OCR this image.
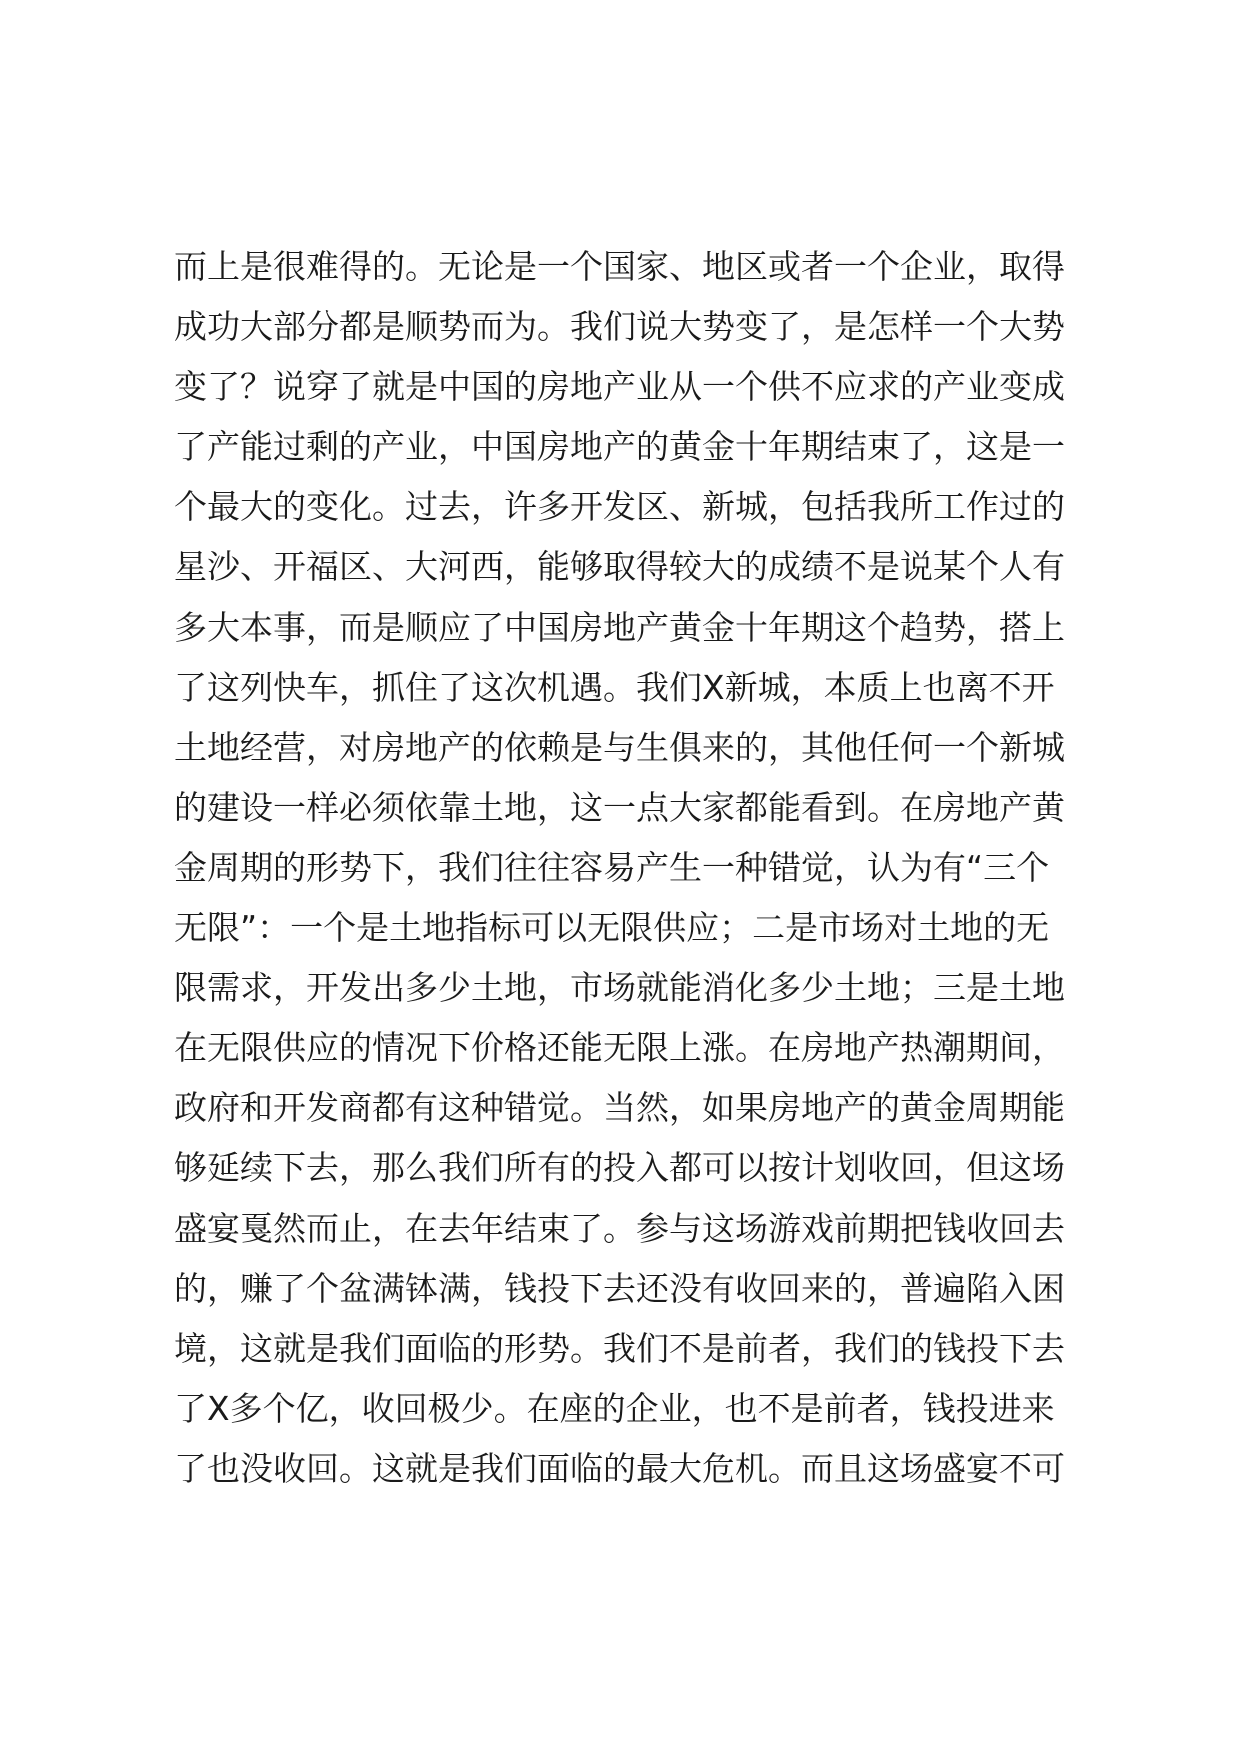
而上是很难得的。无论是一个国家、地区或者一个企业，取得
成功大部分都是顺势而为。我们说大势变了，是怎样一个大势
变了？说穿了就是中国的房地产业从一个供不应求的产业变成
了产能过剩的产业，中国房地产的黄金十年期结束了，这是一
个最大的变化。过去，许多开发区、新城，包括我所工作过的
星沙、开福区、大河西，能够取得较大的成绩不是说某个人有
多大本事，而是顺应了中国房地产黄金十年期这个趋势，搭上
了这列快车，抓住了这次机遇。我们X新城，本质上也离不开
土地经营，对房地产的依赖是与生俱来的，其他任何一个新城
的建设一样必须依靠土地，这一点大家都能看到。在房地产黄
金周期的形势下，我们往往容易产生一种错觉，认为有“三个
无限”：一个是土地指标可以无限供应；二是市场对土地的无
限需求，开发出多少土地，市场就能消化多少土地；三是土地
在无限供应的情况下价格还能无限上涨。在房地产热潮期间，
政府和开发商都有这种错觉。当然，如果房地产的黄金周期能
够延续下去，那么我们所有的投入都可以按计划收回，但这场
盛宴戛然而止，在去年结束了。参与这场游戏前期把钱收回去
的，赚了个盆满钵满，钱投下去还没有收回来的，普遍陷入困
境，这就是我们面临的形势。我们不是前者，我们的钱投下去
了X多个亿，收回极少。在座的企业，也不是前者，钱投进来
了也没收回。这就是我们面临的最大危机。而且这场盛宴不可
